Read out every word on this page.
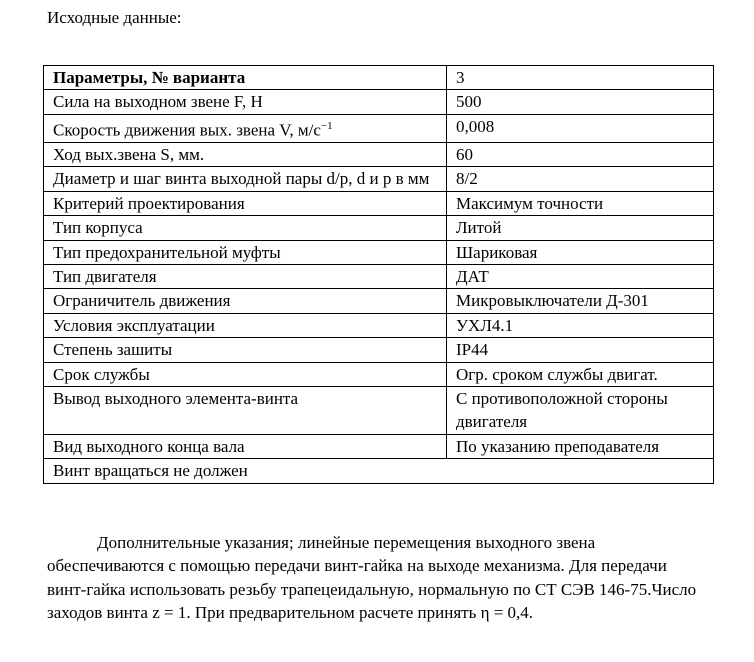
Исходные данные:
Параметры, № варианта	3
Сила на выходном звене F, Н	500
Скорость движения вых. звена V, $м/с^{-1}$	0,008
Ход вых.звена S, мм.	60
Диаметр и шаг винта выходной пары d/p, d и р в мм	8/2
Критерий проектирования	Максимум точности
Тип корпуса	Литой
Тип предохранительной муфты	Шариковая
Тип двигателя	ДАТ
Ограничитель движения	Микровыключатели Д-301
Условия эксплуатации	УХЛ4.1
Степень зашиты	IP44
Срок службы	Огр. сроком службы двигат.
Вывод выходного элемента-винта	С противоположной стороны двигателя
Вид выходного конца вала	По указанию преподавателя
Винт вращаться не должен	
Дополнительные указания; линейные перемещения выходного звена обеспечиваются с помощью передачи винт-гайка на выходе механизма. Для передачи винт-гайка использовать резьбу трапецеидальную, нормальную по СТ СЭВ 146-75.Число заходов винта z = 1. При предварительном расчете принять η = 0,4.
